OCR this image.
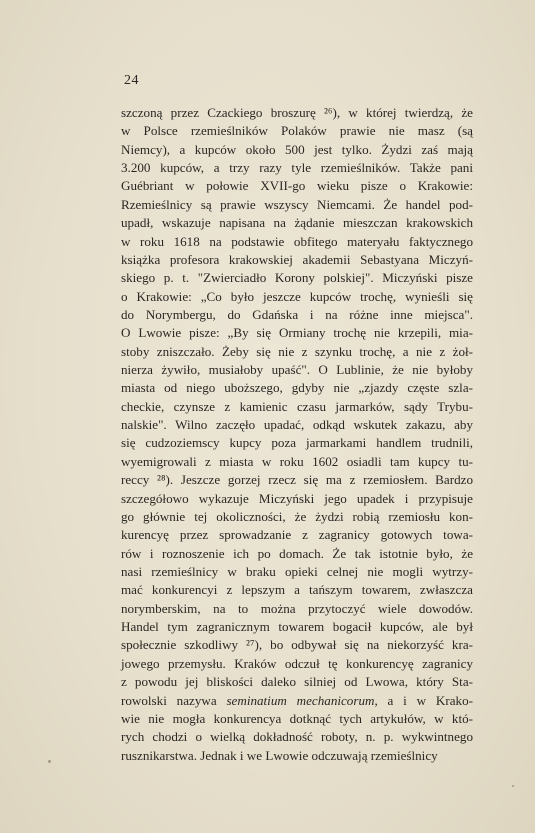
24
szczoną przez Czackiego broszurę ²⁶), w której twierdzą, że
w Polsce rzemieślników Polaków prawie nie masz (są
Niemcy), a kupców około 500 jest tylko. Żydzi zaś mają
3.200 kupców, a trzy razy tyle rzemieślników. Także pani
Guébriant w połowie XVII-go wieku pisze o Krakowie:
Rzemieślnicy są prawie wszyscy Niemcami. Że handel pod-
upadł, wskazuje napisana na żądanie mieszczan krakowskich
w roku 1618 na podstawie obfitego materyału faktycznego
książka profesora krakowskiej akademii Sebastyana Miczyń-
skiego p. t. "Zwierciadło Korony polskiej". Miczyński pisze
o Krakowie: „Co było jeszcze kupców trochę, wynieśli się
do Norymbergu, do Gdańska i na różne inne miejsca".
O Lwowie pisze: „By się Ormiany trochę nie krzepili, mia-
stoby zniszczało. Żeby się nie z szynku trochę, a nie z żoł-
nierza żywiło, musiałoby upaść". O Lublinie, że nie byłoby
miasta od niego uboższego, gdyby nie „zjazdy częste szla-
checkie, czynsze z kamienic czasu jarmarków, sądy Trybu-
nalskie". Wilno zaczęło upadać, odkąd wskutek zakazu, aby
się cudzoziemscy kupcy poza jarmarkami handlem trudnili,
wyemigrowali z miasta w roku 1602 osiadli tam kupcy tu-
reccy ²⁸). Jeszcze gorzej rzecz się ma z rzemiosłem. Bardzo
szczegółowo wykazuje Miczyński jego upadek i przypisuje
go głównie tej okoliczności, że żydzi robią rzemiosłu kon-
kurencyę przez sprowadzanie z zagranicy gotowych towa-
rów i roznoszenie ich po domach. Że tak istotnie było, że
nasi rzemieślnicy w braku opieki celnej nie mogli wytrzy-
mać konkurencyi z lepszym a tańszym towarem, zwłaszcza
norymberskim, na to można przytoczyć wiele dowodów.
Handel tym zagranicznym towarem bogacił kupców, ale był
społecznie szkodliwy ²⁷), bo odbywał się na niekorzyść kra-
jowego przemysłu. Kraków odczuł tę konkurencyę zagranicy
z powodu jej bliskości daleko silniej od Lwowa, który Sta-
rowolski nazywa seminatium mechanicorum, a i w Krako-
wie nie mogła konkurencya dotknąć tych artykułów, w któ-
rych chodzi o wielką dokładność roboty, n. p. wykwintnego
rusznikarstwa. Jednak i we Lwowie odczuwają rzemieślnicy
